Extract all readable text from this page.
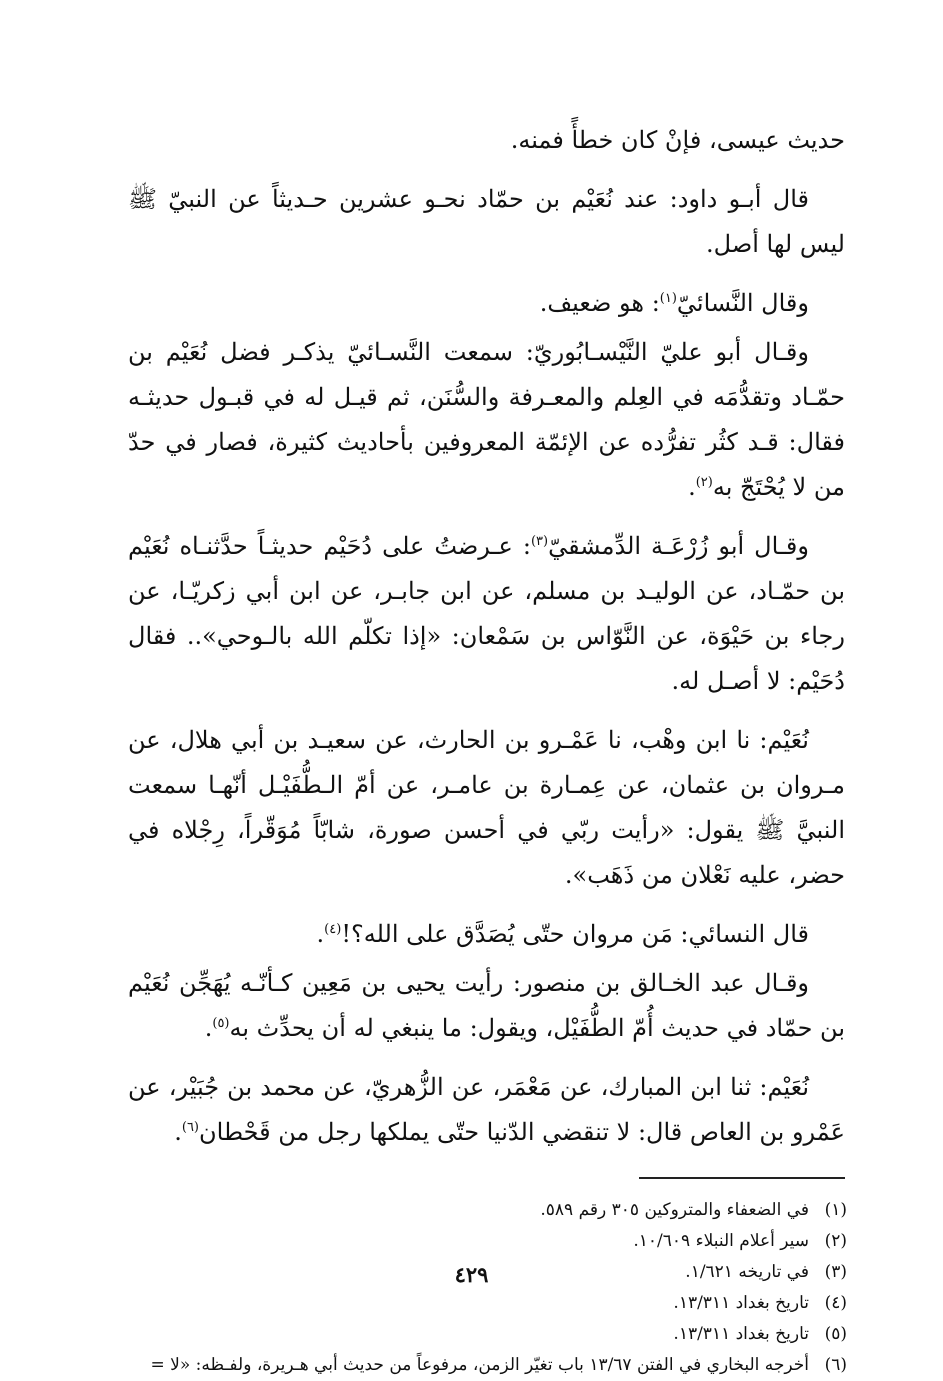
حديث عيسى، فإنْ كان خطأً فمنه.

قال أبـو داود: عند نُعَيْم بن حمّاد نحـو عشرين حـديثاً عن النبيّ ﷺ ليس لها أصل.

وقال النَّسائيّ$^{(١)}$: هو ضعيف.

وقـال أبو عليّ النَّيْسـابُوريّ: سمعت النَّسـائيّ يذكـر فضل نُعَيْم بن حمّـاد وتقدُّمَه في العِلم والمعـرفة والسُّنَن، ثم قيـل له في قبـول حديثـه فقال: قـد كثُر تفرُّده عن الإئمّة المعروفين بأحاديث كثيرة، فصار في حدّ من لا يُحْتَجّ به$^{(٢)}$.

وقـال أبو زُرْعَـة الدِّمشقيّ$^{(٣)}$: عـرضتُ على دُحَيْم حديثـاً حدَّثنـاه نُعَيْم بن حمّـاد، عن الوليـد بن مسلم، عن ابن جابـر، عن ابن أبي زكريّـا، عن رجاء بن حَيْوَة، عن النَّوّاس بن سَمْعان: «إذا تكلّم الله بالـوحي».. فقال دُحَيْم: لا أصـل له.

نُعَيْم: نا ابن وهْب، نا عَمْـرو بن الحارث، عن سعيـد بن أبي هلال، عن مـروان بن عثمان، عن عِمـارة بن عامـر، عن أمّ الـطُّفَيْـل أنّهـا سمعت النبيَّ ﷺ يقول: «رأيت ربّي في أحسن صورة، شابّاً مُوَقّراً، رِجْلاه في حضر، عليه نَعْلان من ذَهَب».

قال النسائي: مَن مروان حتّى يُصَدَّق على الله؟!$^{(٤)}$.

وقـال عبد الخـالق بن منصور: رأيت يحيى بن مَعِين كـأنّـه يُهَجِّن نُعَيْم بن حمّاد في حديث أُمّ الطُّفَيْل، ويقول: ما ينبغي له أن يحدِّث به$^{(٥)}$.

نُعَيْم: ثنا ابن المبارك، عن مَعْمَر، عن الزُّهريّ، عن محمد بن جُبَيْر، عن عَمْرو بن العاص قال: لا تنقضي الدّنيا حتّى يملكها رجل من قَحْطان$^{(٦)}$.

(١)في الضعفاء والمتروكين ٣٠٥ رقم ٥٨٩.
(٢)سير أعلام النبلاء ١٠/٦٠٩.
(٣)في تاريخه ١/٦٢١.
(٤)تاريخ بغداد ١٣/٣١١.
(٥)تاريخ بغداد ١٣/٣١١.
(٦)أخرجه البخاري في الفتن ١٣/٦٧ باب تغيّر الزمن، مرفوعاً من حديث أبي هـريرة، ولفـظه: «لا =
٤٢٩
